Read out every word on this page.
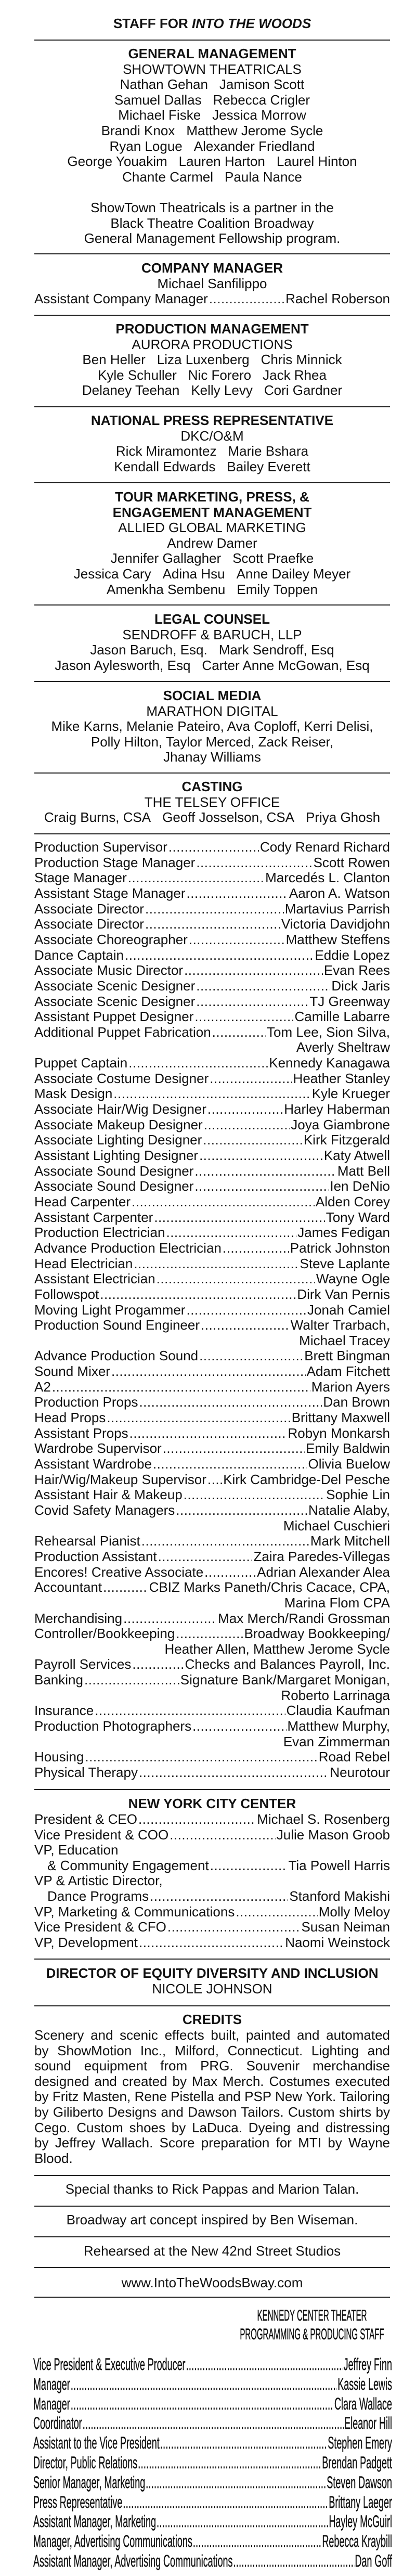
STAFF FOR INTO THE WOODS
GENERAL MANAGEMENT
SHOWTOWN THEATRICALS
Nathan Gehan Jamison Scott
Samuel Dallas Rebecca Crigler
Michael Fiske Jessica Morrow
Brandi Knox Matthew Jerome Sycle
Ryan Logue Alexander Friedland
George Youakim Lauren Harton Laurel Hinton
Chante Carmel Paula Nance
ShowTown Theatricals is a partner in the
Black Theatre Coalition Broadway
General Management Fellowship program.
COMPANY MANAGER
Michael Sanfilippo
Assistant Company Manager .....	Rachel Roberson
PRODUCTION MANAGEMENT
AURORA PRODUCTIONS
Ben Heller Liza Luxenberg Chris Minnick
Kyle Schuller Nic Forero Jack Rhea
Delaney Teehan Kelly Levy Cori Gardner
NATIONAL PRESS REPRESENTATIVE
DKC/O&M
Rick Miramontez Marie Bshara
Kendall Edwards Bailey Everett
TOUR MARKETING, PRESS, &
ENGAGEMENT MANAGEMENT
ALLIED GLOBAL MARKETING
Andrew Damer
Jennifer Gallagher Scott Praefke
Jessica Cary Adina Hsu Anne Dailey Meyer
Amenkha Sembenu Emily Toppen
LEGAL COUNSEL
SENDROFF & BARUCH, LLP
Jason Baruch, Esq. Mark Sendroff, Esq
Jason Aylesworth, Esq Carter Anne McGowan, Esq
SOCIAL MEDIA
MARATHON DIGITAL
Mike Karns, Melanie Pateiro, Ava Coploff, Kerri Delisi,
Polly Hilton, Taylor Merced, Zack Reiser,
Jhanay Williams
CASTING
THE TELSEY OFFICE
Craig Burns, CSA Geoff Josselson, CSA Priya Ghosh
Production Supervisor .....	Cody Renard Richard
Production Stage Manager .....	Scott Rowen
Stage Manager .....	Marcedés L. Clanton
Assistant Stage Manager .....	Aaron A. Watson
Associate Director .....	Martavius Parrish
Associate Director .....	Victoria Davidjohn
Associate Choreographer .....	Matthew Steffens
Dance Captain .....	Eddie Lopez
Associate Music Director .....	Evan Rees
Associate Scenic Designer .....	Dick Jaris
Associate Scenic Designer .....	TJ Greenway
Assistant Puppet Designer .....	Camille Labarre
Additional Puppet Fabrication .....	Tom Lee, Sion Silva,
Averly Sheltraw
Puppet Captain .....	Kennedy Kanagawa
Associate Costume Designer .....	Heather Stanley
Mask Design .....	Kyle Krueger
Associate Hair/Wig Designer .....	Harley Haberman
Associate Makeup Designer .....	Joya Giambrone
Associate Lighting Designer .....	Kirk Fitzgerald
Assistant Lighting Designer .....	Katy Atwell
Associate Sound Designer .....	Matt Bell
Associate Sound Designer .....	Ien DeNio
Head Carpenter .....	Alden Corey
Assistant Carpenter .....	Tony Ward
Production Electrician .....	James Fedigan
Advance Production Electrician .....	Patrick Johnston
Head Electrician .....	Steve Laplante
Assistant Electrician .....	Wayne Ogle
Followspot .....	Dirk Van Pernis
Moving Light Progammer .....	Jonah Camiel
Production Sound Engineer .....	Walter Trarbach,
Michael Tracey
Advance Production Sound .....	Brett Bingman
Sound Mixer .....	Adam Fitchett
A2 .....	Marion Ayers
Production Props .....	Dan Brown
Head Props .....	Brittany Maxwell
Assistant Props .....	Robyn Monkarsh
Wardrobe Supervisor .....	Emily Baldwin
Assistant Wardrobe .....	Olivia Buelow
Hair/Wig/Makeup Supervisor ..... Kirk Cambridge-Del Pesche
Assistant Hair & Makeup .....	Sophie Lin
Covid Safety Managers .....	Natalie Alaby,
Michael Cuschieri
Rehearsal Pianist .....	Mark Mitchell
Production Assistant .....	Zaira Paredes-Villegas
Encores! Creative Associate .....	Adrian Alexander Alea
Accountant .....	CBIZ Marks Paneth/Chris Cacace, CPA,
Marina Flom CPA
Merchandising .....	Max Merch/Randi Grossman
Controller/Bookkeeping .....	Broadway Bookkeeping/
Heather Allen, Matthew Jerome Sycle
Payroll Services .....	Checks and Balances Payroll, Inc.
Banking .....	Signature Bank/Margaret Monigan,
Roberto Larrinaga
Insurance .....	Claudia Kaufman
Production Photographers .....	Matthew Murphy,
Evan Zimmerman
Housing .....	Road Rebel
Physical Therapy .....	Neurotour
NEW YORK CITY CENTER
President & CEO .....	Michael S. Rosenberg
Vice President & COO .....	Julie Mason Groob
VP, Education
& Community Engagement .....	Tia Powell Harris
VP & Artistic Director,
Dance Programs .....	Stanford Makishi
VP, Marketing & Communications .....	Molly Meloy
Vice President & CFO .....	Susan Neiman
VP, Development .....	Naomi Weinstock
DIRECTOR OF EQUITY DIVERSITY AND INCLUSION
NICOLE JOHNSON
CREDITS
Scenery and scenic effects built, painted and automated
by ShowMotion Inc., Milford, Connecticut. Lighting and
sound equipment from PRG. Souvenir merchandise
designed and created by Max Merch. Costumes executed
by Fritz Masten, Rene Pistella and PSP New York. Tailoring
by Giliberto Designs and Dawson Tailors. Custom shirts by
Cego. Custom shoes by LaDuca. Dyeing and distressing
by Jeffrey Wallach. Score preparation for MTI by Wayne
Blood.
Special thanks to Rick Pappas and Marion Talan.
Broadway art concept inspired by Ben Wiseman.
Rehearsed at the New 42nd Street Studios
www.IntoTheWoodsBway.com
KENNEDY CENTER THEATER
PROGRAMMING & PRODUCING STAFF
Vice President & Executive Producer .....	Jeffrey Finn
Manager .....	Kassie Lewis
Manager .....	Clara Wallace
Coordinator .....	Eleanor Hill
Assistant to the Vice President .....	Stephen Emery
Director, Public Relations .....	Brendan Padgett
Senior Manager, Marketing .....	Steven Dawson
Press Representative .....	Brittany Laeger
Assistant Manager, Marketing .....	Hayley McGuirl
Manager, Advertising Communications .....	Rebecca Kraybill
Assistant Manager, Advertising Communications .....	Dan Goff
